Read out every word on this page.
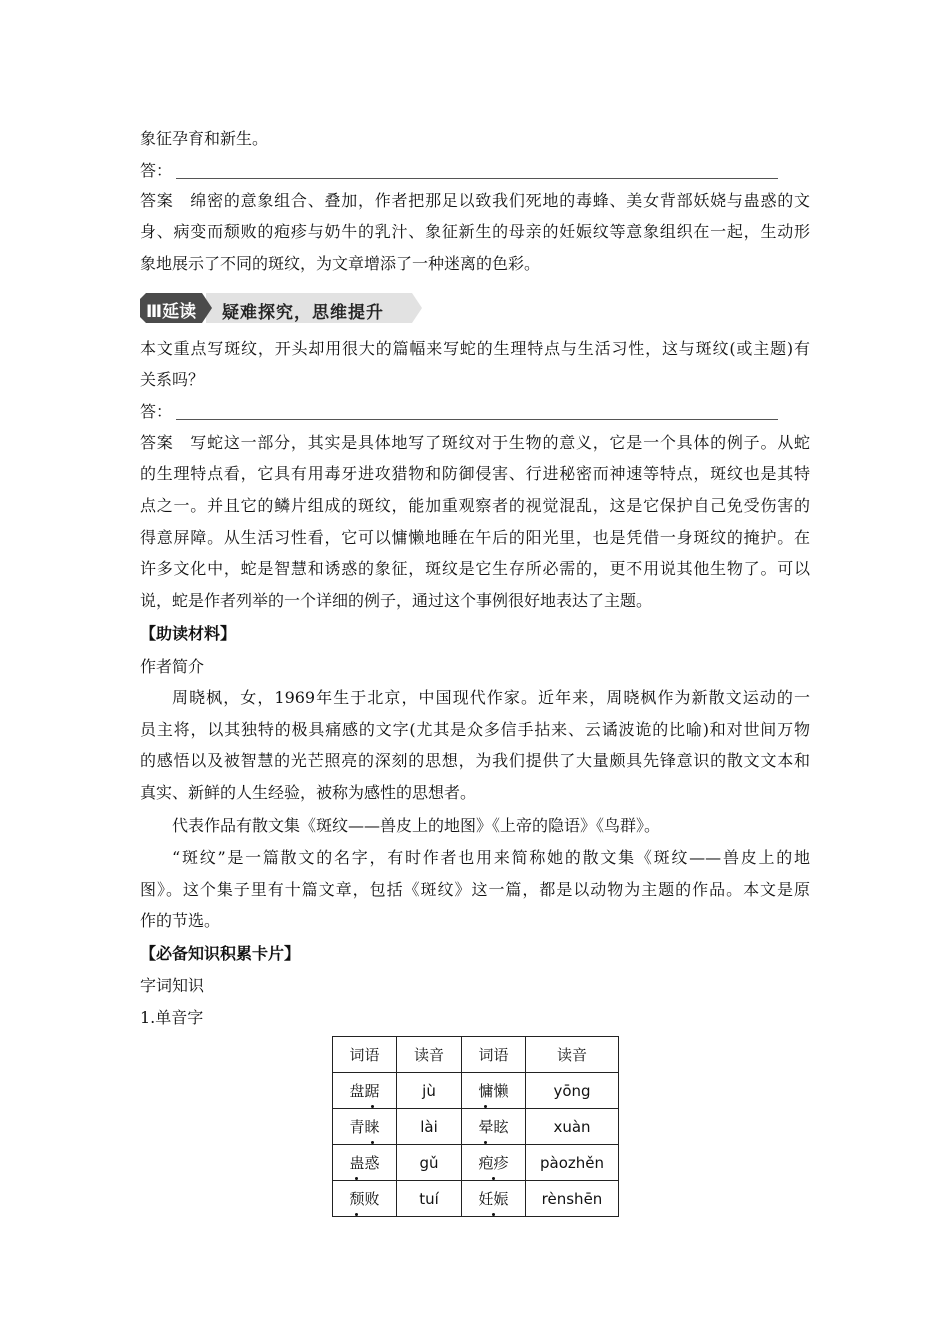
象征孕育和新生。
答：
答案　绵密的意象组合、叠加，作者把那足以致我们死地的毒蜂、美女背部妖娆与蛊惑的文
身、病变而颓败的疱疹与奶牛的乳汁、象征新生的母亲的妊娠纹等意象组织在一起，生动形
象地展示了不同的斑纹，为文章增添了一种迷离的色彩。
Ⅲ延读 疑难探究，思维提升
本文重点写斑纹，开头却用很大的篇幅来写蛇的生理特点与生活习性，这与斑纹(或主题)有
关系吗？
答：
答案　写蛇这一部分，其实是具体地写了斑纹对于生物的意义，它是一个具体的例子。从蛇
的生理特点看，它具有用毒牙进攻猎物和防御侵害、行进秘密而神速等特点，斑纹也是其特
点之一。并且它的鳞片组成的斑纹，能加重观察者的视觉混乱，这是它保护自己免受伤害的
得意屏障。从生活习性看，它可以慵懒地睡在午后的阳光里，也是凭借一身斑纹的掩护。在
许多文化中，蛇是智慧和诱惑的象征，斑纹是它生存所必需的，更不用说其他生物了。可以
说，蛇是作者列举的一个详细的例子，通过这个事例很好地表达了主题。
【助读材料】
作者简介
周晓枫，女，1969年生于北京，中国现代作家。近年来，周晓枫作为新散文运动的一
员主将，以其独特的极具痛感的文字(尤其是众多信手拈来、云谲波诡的比喻)和对世间万物
的感悟以及被智慧的光芒照亮的深刻的思想，为我们提供了大量颇具先锋意识的散文文本和
真实、新鲜的人生经验，被称为感性的思想者。
代表作品有散文集《斑纹——兽皮上的地图》《上帝的隐语》《鸟群》。
“斑纹”是一篇散文的名字，有时作者也用来简称她的散文集《斑纹——兽皮上的地
图》。这个集子里有十篇文章，包括《斑纹》这一篇，都是以动物为主题的作品。本文是原
作的节选。
【必备知识积累卡片】
字词知识
1.单音字
词语	读音	词语	读音
盘踞	jù	慵懒	yōng
青睐	lài	晕眩	xuàn
蛊惑	gǔ	疱疹	pàozhěn
颓败	tuí	妊娠	rènshēn
